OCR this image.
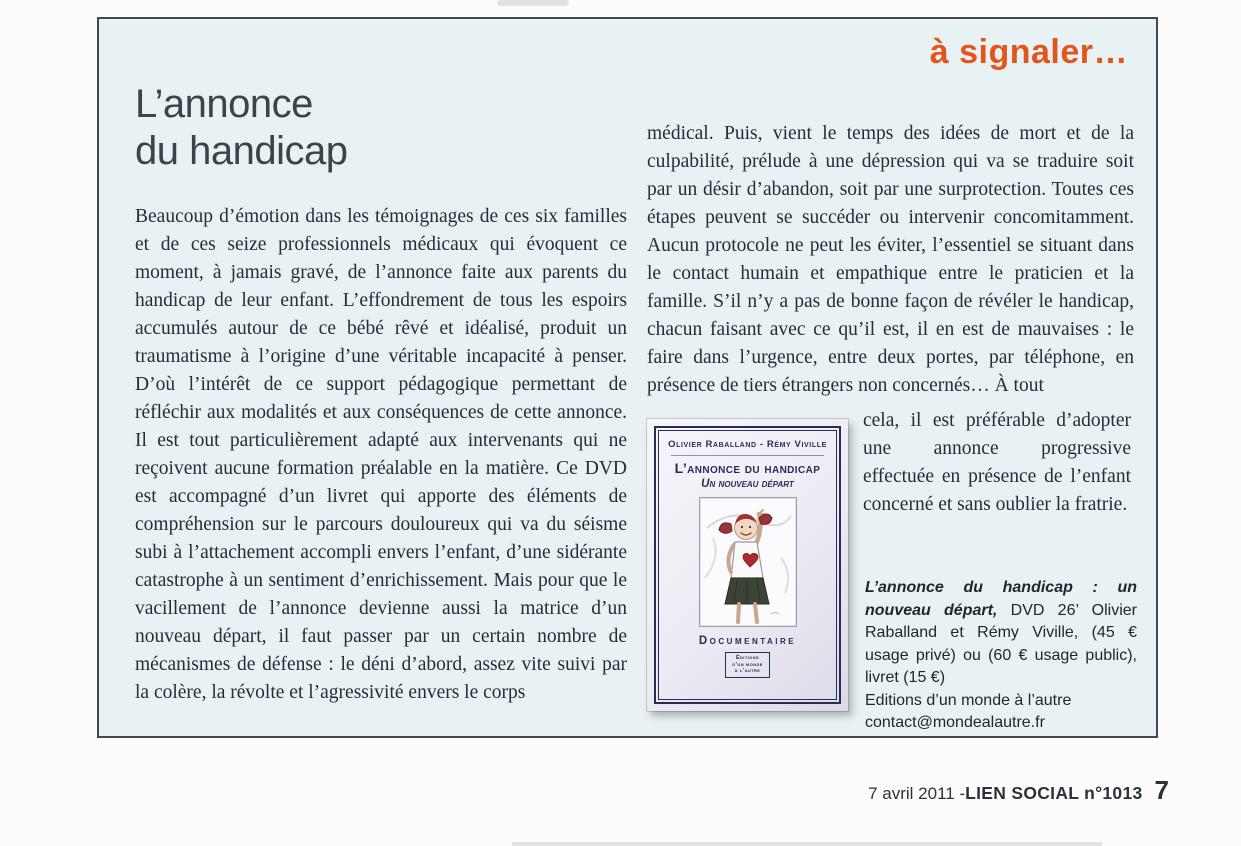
à signaler…
L’annonce
du handicap
Beaucoup d’émotion dans les témoignages de ces six familles et de ces seize professionnels médicaux qui évoquent ce moment, à jamais gravé, de l’annonce faite aux parents du handicap de leur enfant. L’effondrement de tous les espoirs accumulés autour de ce bébé rêvé et idéalisé, produit un traumatisme à l’origine d’une véritable incapacité à penser. D’où l’intérêt de ce support pédagogique permettant de réfléchir aux modalités et aux conséquences de cette annonce. Il est tout particulièrement adapté aux intervenants qui ne reçoivent aucune formation préalable en la matière. Ce DVD est accompagné d’un livret qui apporte des éléments de compréhension sur le parcours douloureux qui va du séisme subi à l’attachement accompli envers l’enfant, d’une sidérante catastrophe à un sentiment d’enrichissement. Mais pour que le vacillement de l’annonce devienne aussi la matrice d’un nouveau départ, il faut passer par un certain nombre de mécanismes de défense : le déni d’abord, assez vite suivi par la colère, la révolte et l’agressivité envers le corps
médical. Puis, vient le temps des idées de mort et de la culpabilité, prélude à une dépression qui va se traduire soit par un désir d’abandon, soit par une surprotection. Toutes ces étapes peuvent se succéder ou intervenir concomitamment. Aucun protocole ne peut les éviter, l’essentiel se situant dans le contact humain et empathique entre le praticien et la famille. S’il n’y a pas de bonne façon de révéler le handicap, chacun faisant avec ce qu’il est, il en est de mauvaises : le faire dans l’urgence, entre deux portes, par téléphone, en présence de tiers étrangers non concernés… À tout
cela, il est préférable d’adopter une annonce progressive effectuée en présence de l’enfant concerné et sans oublier la fratrie.
Olivier Raballand - Rémy Viville
L’annonce du handicap
Un nouveau départ
Documentaire
Éditions
d’un monde
à l’autre
L’annonce du handicap : un nouveau départ, DVD 26’ Olivier Raballand et Rémy Viville, (45 € usage privé) ou (60 € usage public), livret (15 €)
Editions d’un monde à l’autre
contact@mondealautre.fr
7 avril 2011 - LIEN SOCIAL n°1013 7
